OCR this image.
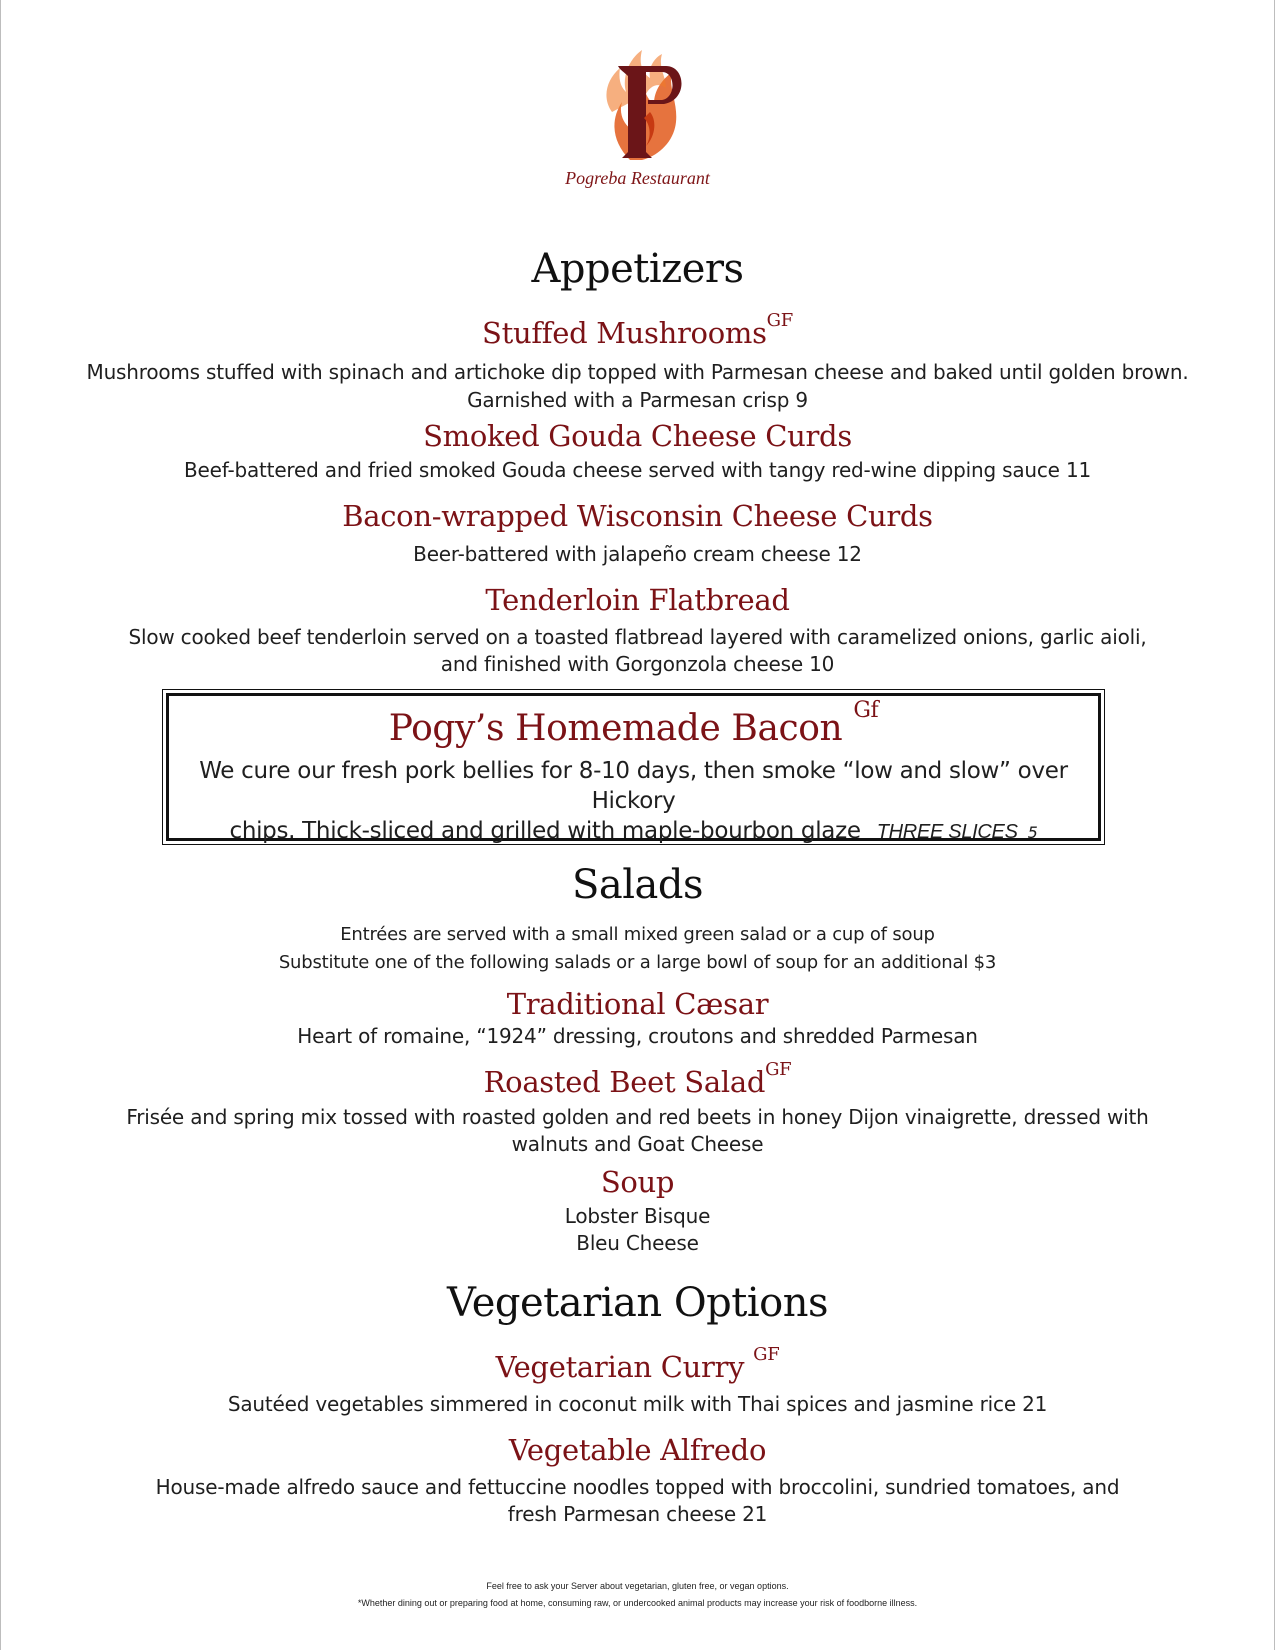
Pogreba Restaurant
Appetizers
Stuffed Mushrooms$^{GF}$
Mushrooms stuffed with spinach and artichoke dip topped with Parmesan cheese and baked until golden brown.
Garnished with a Parmesan crisp 9
Smoked Gouda Cheese Curds
Beef-battered and fried smoked Gouda cheese served with tangy red-wine dipping sauce 11
Bacon-wrapped Wisconsin Cheese Curds
Beer-battered with jalapeño cream cheese 12
Tenderloin Flatbread
Slow cooked beef tenderloin served on a toasted flatbread layered with caramelized onions, garlic aioli,
and finished with Gorgonzola cheese 10
Pogy’s Homemade Bacon $^{Gf}$
We cure our fresh pork bellies for 8-10 days, then smoke “low and slow” over Hickory
chips. Thick-sliced and grilled with maple-bourbon glaze THREE SLICES 5
Salads
Entrées are served with a small mixed green salad or a cup of soup
Substitute one of the following salads or a large bowl of soup for an additional $3
Traditional Cæsar
Heart of romaine, “1924” dressing, croutons and shredded Parmesan
Roasted Beet Salad$^{GF}$
Frisée and spring mix tossed with roasted golden and red beets in honey Dijon vinaigrette, dressed with
walnuts and Goat Cheese
Soup
Lobster Bisque
Bleu Cheese
Vegetarian Options
Vegetarian Curry $^{GF}$
Sautéed vegetables simmered in coconut milk with Thai spices and jasmine rice 21
Vegetable Alfredo
House-made alfredo sauce and fettuccine noodles topped with broccolini, sundried tomatoes, and
fresh Parmesan cheese 21
Feel free to ask your Server about vegetarian, gluten free, or vegan options.
*Whether dining out or preparing food at home, consuming raw, or undercooked animal products may increase your risk of foodborne illness.
